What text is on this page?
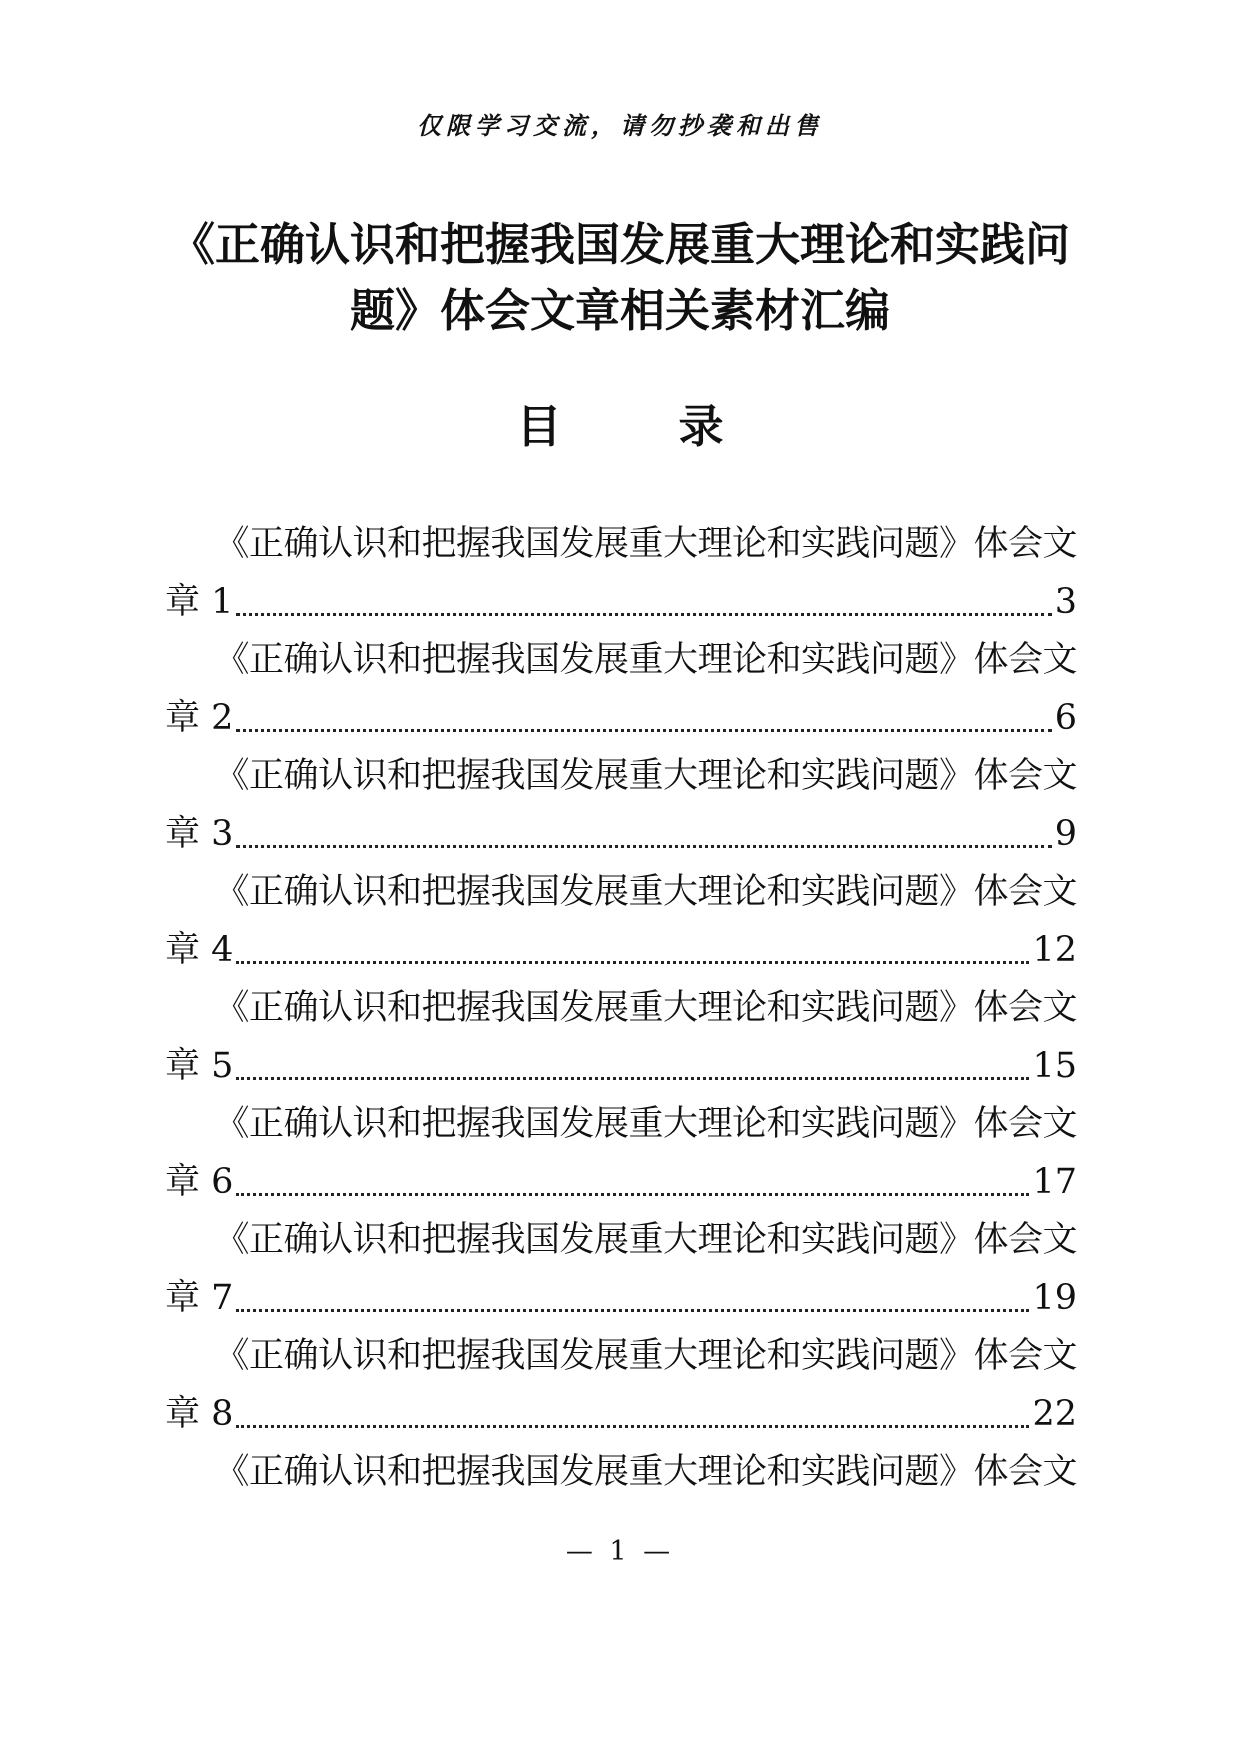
仅限学习交流，请勿抄袭和出售
《正确认识和把握我国发展重大理论和实践问题》体会文章相关素材汇编
目　录
《正确认识和把握我国发展重大理论和实践问题》体会文
章 1	3
《正确认识和把握我国发展重大理论和实践问题》体会文
章 2	6
《正确认识和把握我国发展重大理论和实践问题》体会文
章 3	9
《正确认识和把握我国发展重大理论和实践问题》体会文
章 4	12
《正确认识和把握我国发展重大理论和实践问题》体会文
章 5	15
《正确认识和把握我国发展重大理论和实践问题》体会文
章 6	17
《正确认识和把握我国发展重大理论和实践问题》体会文
章 7	19
《正确认识和把握我国发展重大理论和实践问题》体会文
章 8	22
《正确认识和把握我国发展重大理论和实践问题》体会文
— 1 —
